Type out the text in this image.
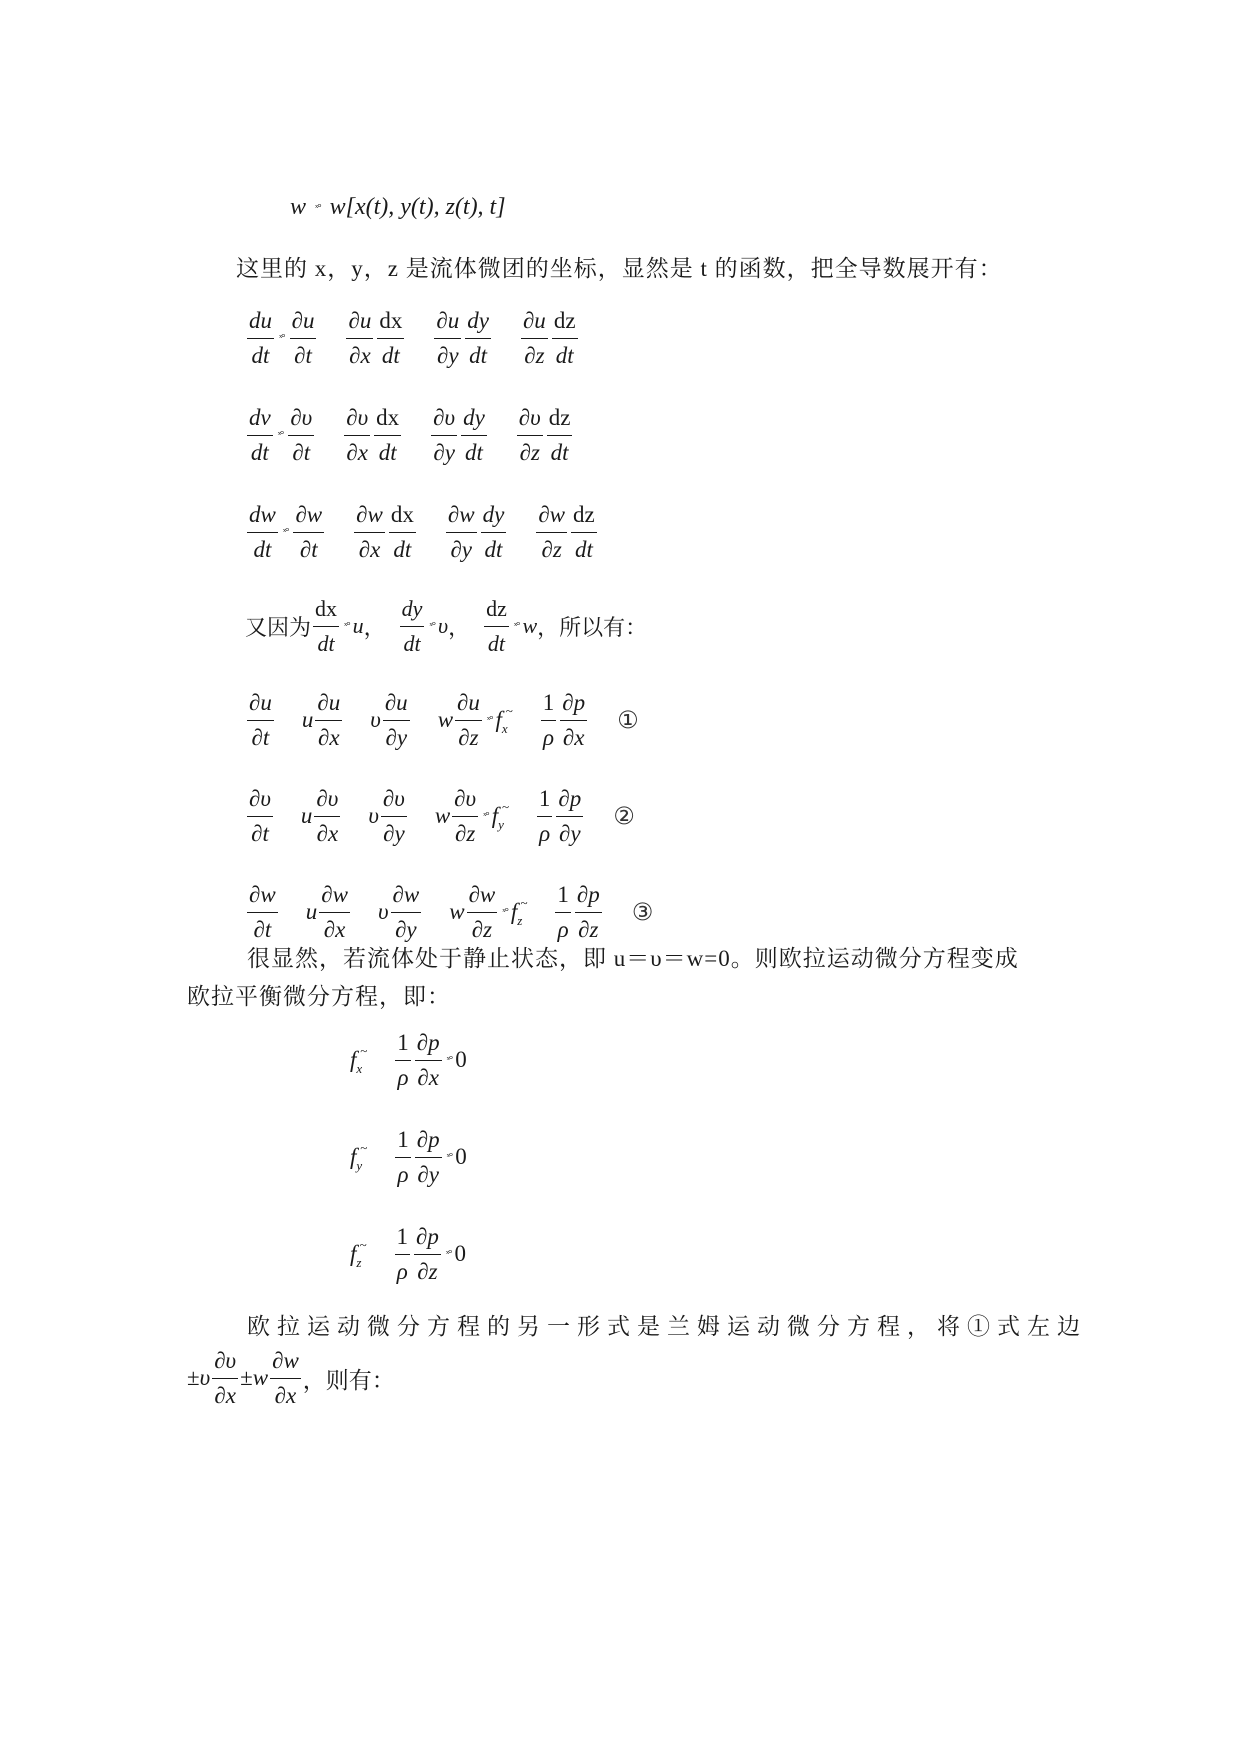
w ˣ° w[x(t), y(t), z(t), t]
这里的 x，y，z 是流体微团的坐标，显然是 t 的函数，把全导数展开有：
$\frac{du}{dt}$ ˣ° $\frac{\partial u}{\partial t} \frac{\partial u}{\partial x} \frac{dx}{dt} \frac{\partial u}{\partial y} \frac{dy}{dt} \frac{\partial u}{\partial z} \frac{dz}{dt}$
$\frac{dv}{dt}$ ˣ° $\frac{\partial\upsilon}{\partial t} \frac{\partial\upsilon}{\partial x} \frac{dx}{dt} \frac{\partial\upsilon}{\partial y} \frac{dy}{dt} \frac{\partial\upsilon}{\partial z} \frac{dz}{dt}$
$\frac{dw}{dt}$ ˣ° $\frac{\partial w}{\partial t} \frac{\partial w}{\partial x} \frac{dx}{dt} \frac{\partial w}{\partial y} \frac{dy}{dt} \frac{\partial w}{\partial z} \frac{dz}{dt}$
又因为 $\frac{dx}{dt}$ ˣ° u ， $\frac{dy}{dt}$ ˣ° υ ， $\frac{dz}{dt}$ ˣ° w ，所以有：
$\frac{\partial u}{\partial t}$ u $\frac{\partial u}{\partial x}$ υ $\frac{\partial u}{\partial y}$ w $\frac{\partial u}{\partial z}$ ˣ° $f_x^\sim \frac{1}{\rho} \frac{\partial p}{\partial x}$ ①
$\frac{\partial\upsilon}{\partial t}$ u $\frac{\partial\upsilon}{\partial x}$ υ $\frac{\partial\upsilon}{\partial y}$ w $\frac{\partial\upsilon}{\partial z}$ ˣ° $f_y^\sim \frac{1}{\rho} \frac{\partial p}{\partial y}$ ②
$\frac{\partial w}{\partial t}$ u $\frac{\partial w}{\partial x}$ υ $\frac{\partial w}{\partial y}$ w $\frac{\partial w}{\partial z}$ ˣ° $f_z^\sim \frac{1}{\rho} \frac{\partial p}{\partial z}$ ③
很显然，若流体处于静止状态，即 u＝υ＝w=0。则欧拉运动微分方程变成
欧拉平衡微分方程，即：
$f_x^\sim \frac{1}{\rho} \frac{\partial p}{\partial x}$ ˣ° 0
$f_y^\sim \frac{1}{\rho} \frac{\partial p}{\partial y}$ ˣ° 0
$f_z^\sim \frac{1}{\rho} \frac{\partial p}{\partial z}$ ˣ° 0
欧拉运动微分方程的另一形式是兰姆运动微分方程，将①式左边
± υ $\frac{\partial\upsilon}{\partial x} \pm w \frac{\partial w}{\partial x}$ ，则有：
